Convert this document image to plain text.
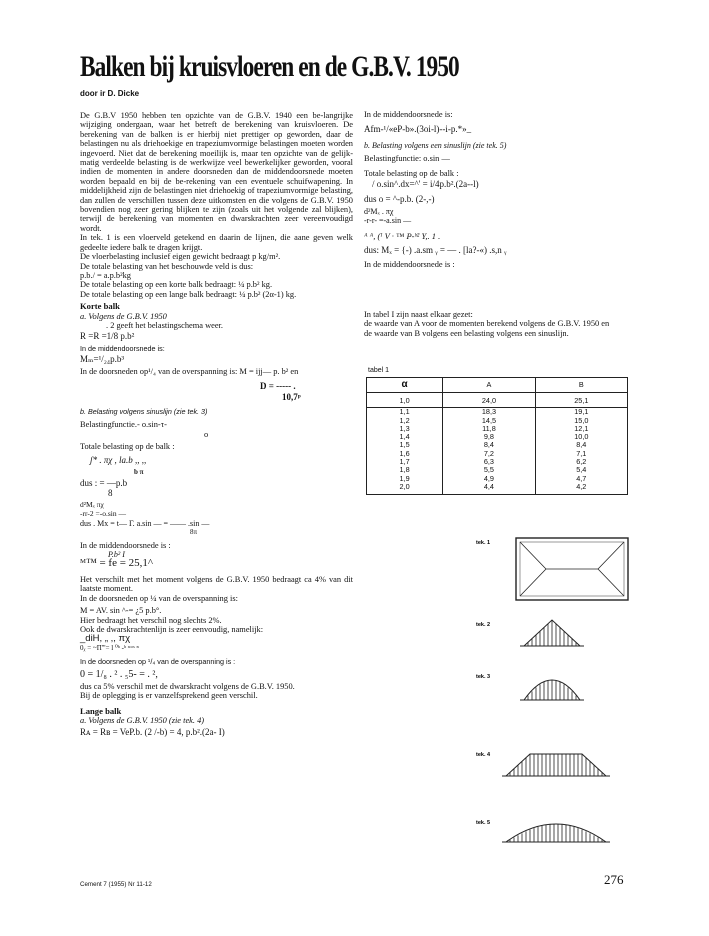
Balken bij kruisvloeren en de G.B.V. 1950
door ir D. Dicke

De G.B.V 1950 hebben ten opzichte van de G.B.V. 1940 een be-langrijke wijziging ondergaan, waar het betreft de berekening van kruisvloeren. De berekening van de balken is er hierbij niet prettiger op geworden, daar de belastingen nu als driehoekige en trapeziumvormige belastingen moeten worden ingevoerd. Niet dat de berekening moeilijk is, maar ten opzichte van de gelijk-matig verdeelde belasting is de werkwijze veel bewerkelijker geworden, vooral indien de momenten in andere doorsneden dan de middendoorsnede moeten worden bepaald en bij de be-rekening van een eventuele schuifwapening. In middelijkheid zijn de belastingen niet driehoekig of trapeziumvormige belasting, dan zullen de verschillen tussen deze uitkomsten en die volgens de G.B.V. 1950 bovendien nog zeer gering blijken te zijn (zoals uit het volgende zal blijken), terwijl de berekening van momenten en dwarskrachten zeer vereenvoudigd wordt.

In tek. 1 is een vloerveld getekend en daarin de lijnen, die aane geven welk gedeelte iedere balk te dragen krijgt.

De vloerbelasting inclusief eigen gewicht bedraagt p kg/m².

De totale belasting van het beschouwde veld is dus:

p.b./ = a.p.b²kg

De totale belasting op een korte balk bedraagt: ¼ p.b² kg.

De totale belasting op een lange balk bedraagt: ¼ p.b² (2α-1) kg.

Korte balk

a. Volgens de G.B.V. 1950

. 2 geeft het belastingschema weer.

R =R =1/8 p.b²
In de middendoorsnede is:
Mₘ=¹/₂₄p.b³

In de doorsneden op¹/₄ van de overspanning is: M = ijj— p. b² en

D = ----- .
10,7ᵖ
b. Belasting volgens sinuslijn (zie tek. 3)

Belastingfunctie.- o.sin-τ-

o

Totale belasting op de balk :

ʃ* . πχ , la.b ,, ,,
b π
dus : = —p.b
8
d²Mₓ πχ
-rr-2 =-o.sin —
dus . Mx = t— Γ. a.sin — = —— .sin —
8π

In de middendoorsnede is :

P.b² I
ᴹ™ = fe = 25,1^

Het verschilt met het moment volgens de G.B.V. 1950 bedraagt ca 4% van dit laatste moment.

In de doorsneden op ¼ van de overspanning is:

M = AV. sin ^-= ¿5 p.b°.

Hier bedraagt het verschil nog slechts 2%.

Ook de dwarskrachtenlijn is zeer eenvoudig, namelijk:

_diH, „ ,, πχ
0ᵪ = ~Π'''= l ⁰ᵇ -ᵇ ˢᶜᵒˢ ⁿ
In de doorsneden op ¹/₄ van de overspanning is :
0 = 1/₈ . ² . ₅5- = . ²,

dus ca 5% verschil met de dwarskracht volgens de G.B.V. 1950.

Bij de oplegging is er vanzelfsprekend geen verschil.

Lange balk

a. Volgens de G.B.V. 1950 (zie tek. 4)

Rᴀ = Rʙ = VeP.b. (2 /-b) = 4, p.b².(2a- I)

In de middendoorsnede is:

Afm-¹/«eP-b».(3oi-l)--i-p.*»_

b. Belasting volgens een sinuslijn (zie tek. 5)

Belastingfunctie: o.sin —

Totale belasting op de balk :

/ o.sin^.dx=^' = i/4p.b².(2a--l)
dus o = ^-p.b. (2-,-)
d²Mₓ . πχ
-r-r- =-a.sin —
ᴬ ᴬ, (ᴵ V · ™ P-ᵇ² Y,. 1 .
dus: Mₓ = {-) .a.sm ᵧ = — . [la?-«) .s,n ᵧ

In de middendoorsnede is :

In tabel I zijn naast elkaar gezet:

de waarde van A voor de momenten berekend volgens de G.B.V. 1950 en

de waarde van B volgens een belasting volgens een sinuslijn.

tabel 1
α	A	B
1,0	24,0	25,1
1,1	18,3	19,1
1,2	14,5	15,0
1,3	11,8	12,1
1,4	9,8	10,0
1,5	8,4	8,4
1,6	7,2	7,1
1,7	6,3	6,2
1,8	5,5	5,4
1,9	4,9	4,7
2,0	4,4	4,2
tek. 1
tek. 2
tek. 3
tek. 4
tek. 5
Cement 7 (1955) Nr 11-12	276
